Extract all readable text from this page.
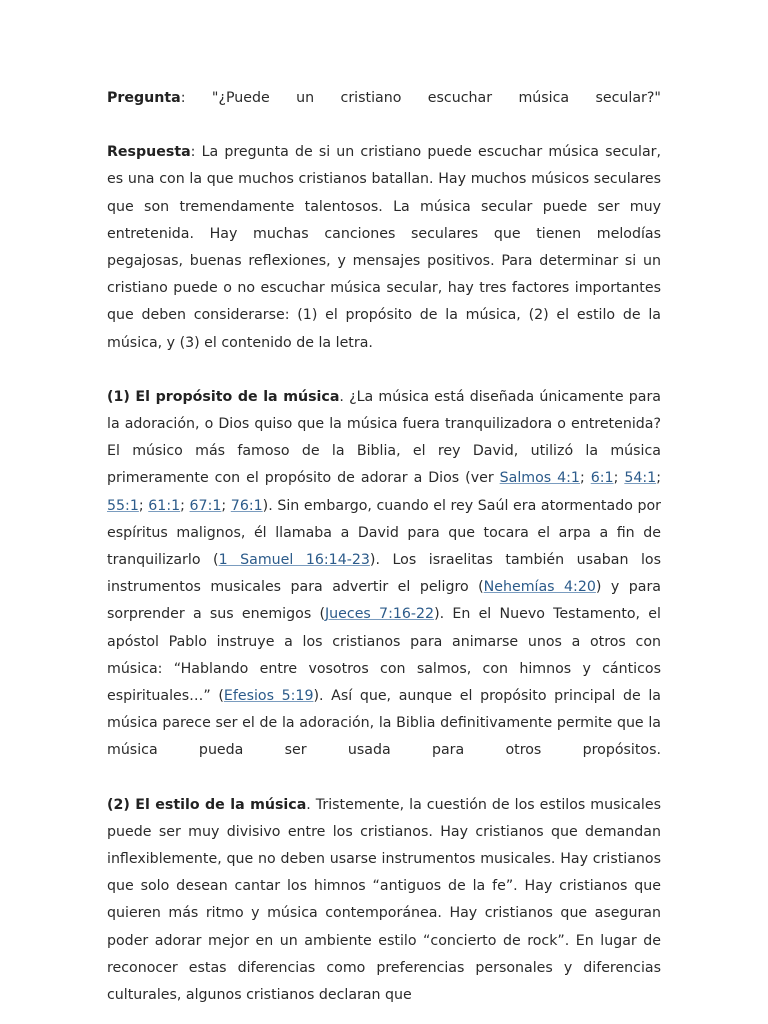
Pregunta: "¿Puede un cristiano escuchar música secular?"

Respuesta: La pregunta de si un cristiano puede escuchar música secular, es una con la que muchos cristianos batallan. Hay muchos músicos seculares que son tremendamente talentosos. La música secular puede ser muy entretenida. Hay muchas canciones seculares que tienen melodías pegajosas, buenas reflexiones, y mensajes positivos. Para determinar si un cristiano puede o no escuchar música secular, hay tres factores importantes que deben considerarse: (1) el propósito de la música, (2) el estilo de la música, y (3) el contenido de la letra.

(1) El propósito de la música. ¿La música está diseñada únicamente para la adoración, o Dios quiso que la música fuera tranquilizadora o entretenida? El músico más famoso de la Biblia, el rey David, utilizó la música primeramente con el propósito de adorar a Dios (ver Salmos 4:1; 6:1; 54:1; 55:1; 61:1; 67:1; 76:1). Sin embargo, cuando el rey Saúl era atormentado por espíritus malignos, él llamaba a David para que tocara el arpa a fin de tranquilizarlo (1 Samuel 16:14-23). Los israelitas también usaban los instrumentos musicales para advertir el peligro (Nehemías 4:20) y para sorprender a sus enemigos (Jueces 7:16-22). En el Nuevo Testamento, el apóstol Pablo instruye a los cristianos para animarse unos a otros con música: “Hablando entre vosotros con salmos, con himnos y cánticos espirituales…” (Efesios 5:19). Así que, aunque el propósito principal de la música parece ser el de la adoración, la Biblia definitivamente permite que la música pueda ser usada para otros propósitos.

(2) El estilo de la música. Tristemente, la cuestión de los estilos musicales puede ser muy divisivo entre los cristianos. Hay cristianos que demandan inflexiblemente, que no deben usarse instrumentos musicales. Hay cristianos que solo desean cantar los himnos “antiguos de la fe”. Hay cristianos que quieren más ritmo y música contemporánea. Hay cristianos que aseguran poder adorar mejor en un ambiente estilo “concierto de rock”. En lugar de reconocer estas diferencias como preferencias personales y diferencias culturales, algunos cristianos declaran que
